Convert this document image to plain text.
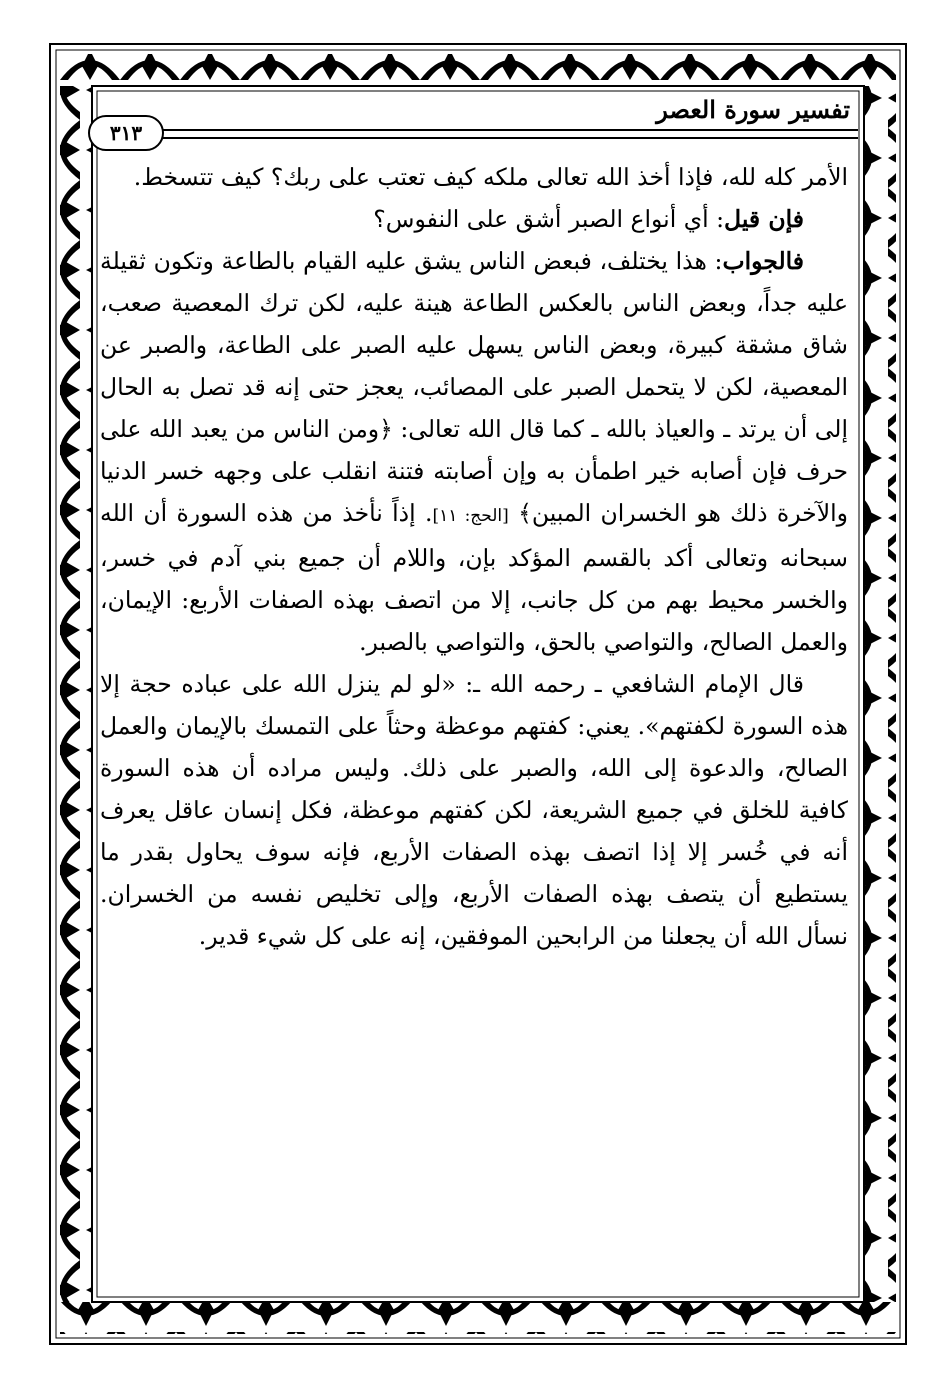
تفسير سورة العصر
٣١٣

الأمر كله لله، فإذا أخذ الله تعالى ملكه كيف تعتب على ربك؟ كيف تتسخط.

فإن قيل: أي أنواع الصبر أشق على النفوس؟

فالجواب: هذا يختلف، فبعض الناس يشق عليه القيام بالطاعة وتكون ثقيلة عليه جداً، وبعض الناس بالعكس الطاعة هينة عليه، لكن ترك المعصية صعب، شاق مشقة كبيرة، وبعض الناس يسهل عليه الصبر على الطاعة، والصبر عن المعصية، لكن لا يتحمل الصبر على المصائب، يعجز حتى إنه قد تصل به الحال إلى أن يرتد ـ والعياذ بالله ـ كما قال الله تعالى: ﴿ومن الناس من يعبد الله على حرف فإن أصابه خير اطمأن به وإن أصابته فتنة انقلب على وجهه خسر الدنيا والآخرة ذلك هو الخسران المبين﴾ [الحج: ١١]. إذاً نأخذ من هذه السورة أن الله سبحانه وتعالى أكد بالقسم المؤكد بإن، واللام أن جميع بني آدم في خسر، والخسر محيط بهم من كل جانب، إلا من اتصف بهذه الصفات الأربع: الإيمان، والعمل الصالح، والتواصي بالحق، والتواصي بالصبر.

قال الإمام الشافعي ـ رحمه الله ـ: «لو لم ينزل الله على عباده حجة إلا هذه السورة لكفتهم». يعني: كفتهم موعظة وحثاً على التمسك بالإيمان والعمل الصالح، والدعوة إلى الله، والصبر على ذلك. وليس مراده أن هذه السورة كافية للخلق في جميع الشريعة، لكن كفتهم موعظة، فكل إنسان عاقل يعرف أنه في خُسر إلا إذا اتصف بهذه الصفات الأربع، فإنه سوف يحاول بقدر ما يستطيع أن يتصف بهذه الصفات الأربع، وإلى تخليص نفسه من الخسران. نسأل الله أن يجعلنا من الرابحين الموفقين، إنه على كل شيء قدير.
